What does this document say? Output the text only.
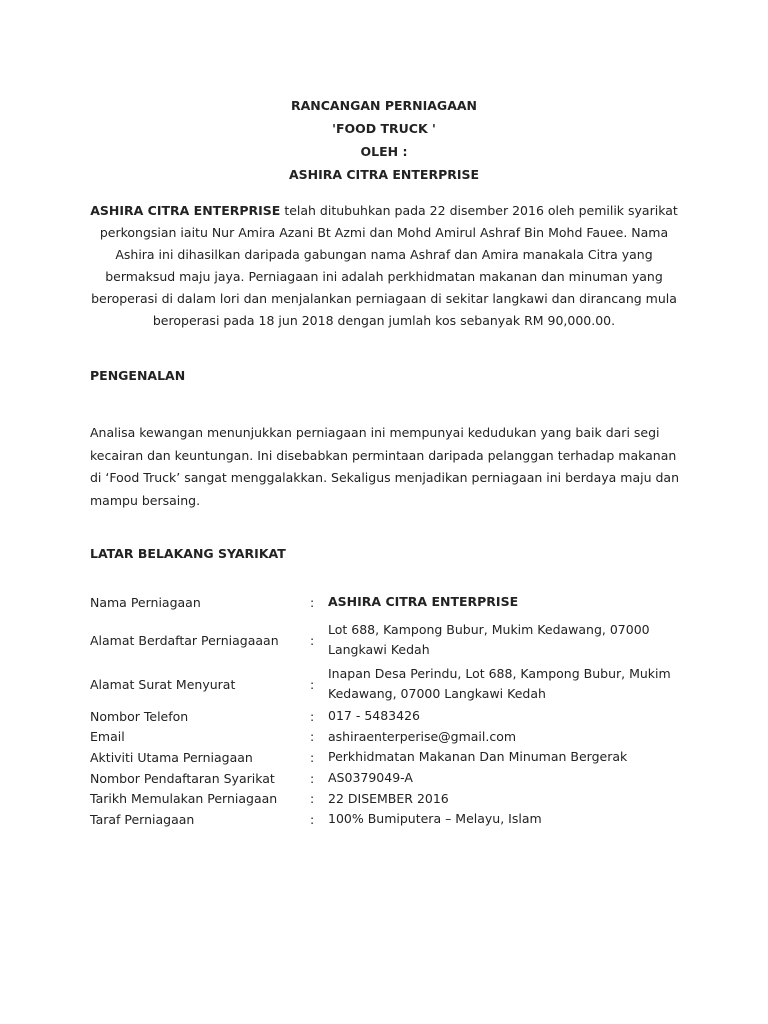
RANCANGAN PERNIAGAAN
'FOOD TRUCK '
OLEH :
ASHIRA CITRA ENTERPRISE
ASHIRA CITRA ENTERPRISE telah ditubuhkan pada 22 disember 2016 oleh pemilik syarikat perkongsian iaitu Nur Amira Azani Bt Azmi dan Mohd Amirul Ashraf Bin Mohd Fauee. Nama Ashira ini dihasilkan daripada gabungan nama Ashraf dan Amira manakala Citra yang bermaksud maju jaya. Perniagaan ini adalah perkhidmatan makanan dan minuman yang beroperasi di dalam lori dan menjalankan perniagaan di sekitar langkawi dan dirancang mula beroperasi pada 18 jun 2018 dengan jumlah kos sebanyak RM 90,000.00.
PENGENALAN
Analisa kewangan menunjukkan perniagaan ini mempunyai kedudukan yang baik dari segi kecairan dan keuntungan. Ini disebabkan permintaan daripada pelanggan terhadap makanan di ‘Food Truck’ sangat menggalakkan. Sekaligus menjadikan perniagaan ini berdaya maju dan mampu bersaing.
LATAR BELAKANG SYARIKAT
Nama Perniagaan	:	ASHIRA CITRA ENTERPRISE
Alamat Berdaftar Perniagaaan	:
Lot 688, Kampong Bubur, Mukim Kedawang, 07000 Langkawi Kedah
Alamat Surat Menyurat	:
Inapan Desa Perindu, Lot 688, Kampong Bubur, Mukim Kedawang, 07000 Langkawi Kedah
Nombor Telefon	:	017 - 5483426
Email	:	ashiraenterperise@gmail.com
Aktiviti Utama Perniagaan	:	Perkhidmatan Makanan Dan Minuman Bergerak
Nombor Pendaftaran Syarikat	:	AS0379049-A
Tarikh Memulakan Perniagaan	:	22 DISEMBER 2016
Taraf Perniagaan	:	100% Bumiputera – Melayu, Islam
